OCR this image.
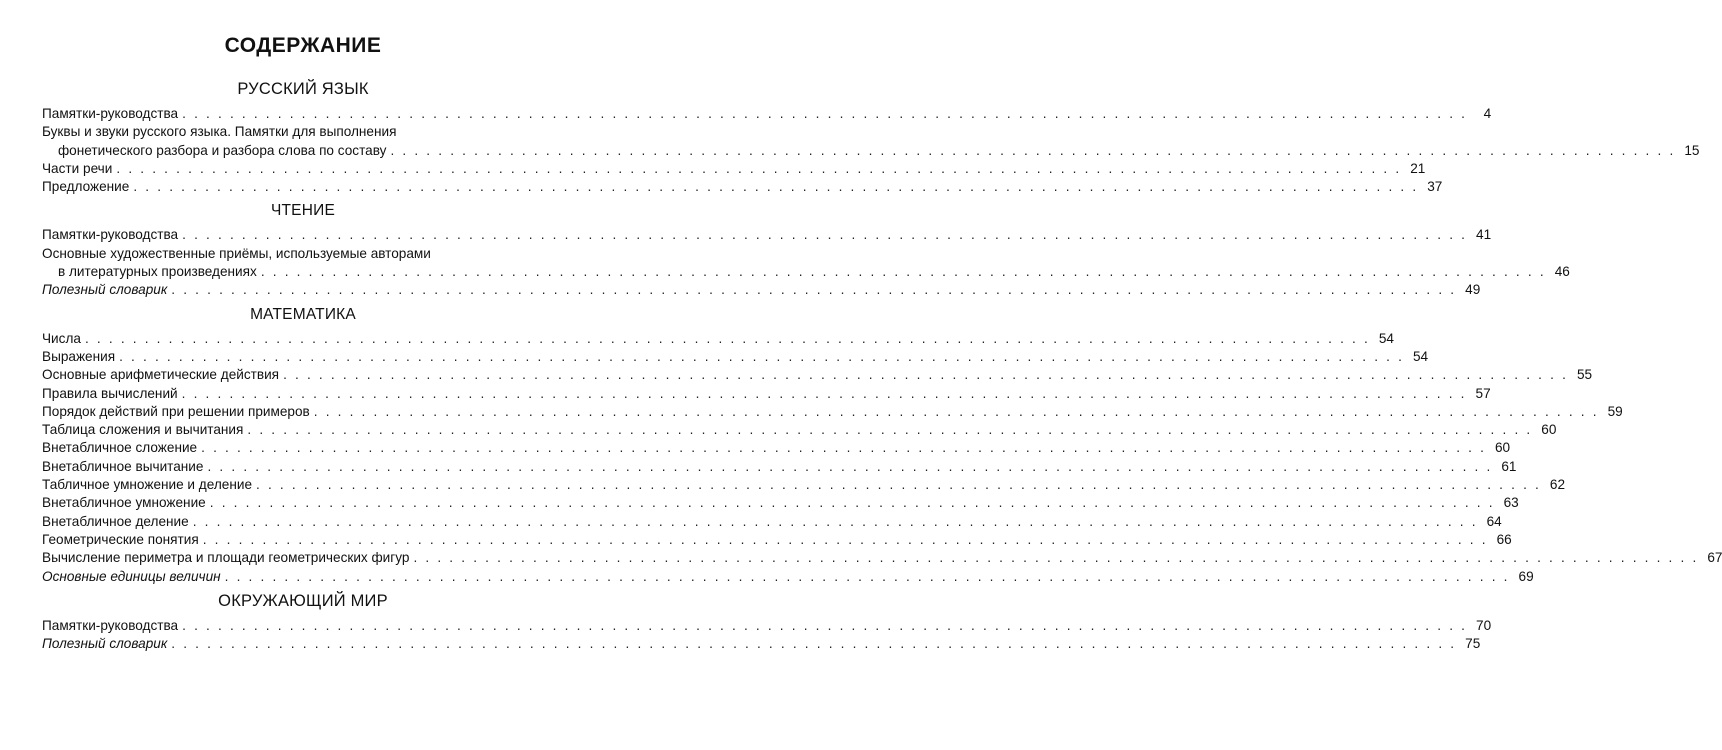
СОДЕРЖАНИЕ
РУССКИЙ ЯЗЫК
Памятки-руководства . . . . . . . . . . . . . . . . . . . . . . . . . . . . . . . . . . . . . . . . . . . . . . . . . . . . . . . . . . . . . . . . . . . . . . . . . . . . . . . . . . . . . . . . . . . . . . . . . . . . . . . . . . . .	4
Буквы и звуки русского языка. Памятки для выполнения
фонетического разбора и разбора слова по составу . . . . . . . . . . . . . . . . . . . . . . . . . . . . . . . . . . . . . . . . . . . . . . . . . . . . . . . . . . . . . . . . . . . . . . . . . . . . . . . . . . . . . . . . . . . . . . . . . . . . . . . . . . . . 15
Части речи . . . . . . . . . . . . . . . . . . . . . . . . . . . . . . . . . . . . . . . . . . . . . . . . . . . . . . . . . . . . . . . . . . . . . . . . . . . . . . . . . . . . . . . . . . . . . . . . . . . . . . . . . . . . 21
Предложение . . . . . . . . . . . . . . . . . . . . . . . . . . . . . . . . . . . . . . . . . . . . . . . . . . . . . . . . . . . . . . . . . . . . . . . . . . . . . . . . . . . . . . . . . . . . . . . . . . . . . . . . . . . . 37
ЧТЕНИЕ
Памятки-руководства . . . . . . . . . . . . . . . . . . . . . . . . . . . . . . . . . . . . . . . . . . . . . . . . . . . . . . . . . . . . . . . . . . . . . . . . . . . . . . . . . . . . . . . . . . . . . . . . . . . . . . . . . . . . 41
Основные художественные приёмы, используемые авторами
в литературных произведениях . . . . . . . . . . . . . . . . . . . . . . . . . . . . . . . . . . . . . . . . . . . . . . . . . . . . . . . . . . . . . . . . . . . . . . . . . . . . . . . . . . . . . . . . . . . . . . . . . . . . . . . . . . . . 46
Полезный словарик . . . . . . . . . . . . . . . . . . . . . . . . . . . . . . . . . . . . . . . . . . . . . . . . . . . . . . . . . . . . . . . . . . . . . . . . . . . . . . . . . . . . . . . . . . . . . . . . . . . . . . . . . . . . 49
МАТЕМАТИКА
Числа . . . . . . . . . . . . . . . . . . . . . . . . . . . . . . . . . . . . . . . . . . . . . . . . . . . . . . . . . . . . . . . . . . . . . . . . . . . . . . . . . . . . . . . . . . . . . . . . . . . . . . . . . . . . 54
Выражения . . . . . . . . . . . . . . . . . . . . . . . . . . . . . . . . . . . . . . . . . . . . . . . . . . . . . . . . . . . . . . . . . . . . . . . . . . . . . . . . . . . . . . . . . . . . . . . . . . . . . . . . . . . . 54
Основные арифметические действия . . . . . . . . . . . . . . . . . . . . . . . . . . . . . . . . . . . . . . . . . . . . . . . . . . . . . . . . . . . . . . . . . . . . . . . . . . . . . . . . . . . . . . . . . . . . . . . . . . . . . . . . . . . . 55
Правила вычислений . . . . . . . . . . . . . . . . . . . . . . . . . . . . . . . . . . . . . . . . . . . . . . . . . . . . . . . . . . . . . . . . . . . . . . . . . . . . . . . . . . . . . . . . . . . . . . . . . . . . . . . . . . . . 57
Порядок действий при решении примеров . . . . . . . . . . . . . . . . . . . . . . . . . . . . . . . . . . . . . . . . . . . . . . . . . . . . . . . . . . . . . . . . . . . . . . . . . . . . . . . . . . . . . . . . . . . . . . . . . . . . . . . . . . . . 59
Таблица сложения и вычитания . . . . . . . . . . . . . . . . . . . . . . . . . . . . . . . . . . . . . . . . . . . . . . . . . . . . . . . . . . . . . . . . . . . . . . . . . . . . . . . . . . . . . . . . . . . . . . . . . . . . . . . . . . . . 60
Внетабличное сложение . . . . . . . . . . . . . . . . . . . . . . . . . . . . . . . . . . . . . . . . . . . . . . . . . . . . . . . . . . . . . . . . . . . . . . . . . . . . . . . . . . . . . . . . . . . . . . . . . . . . . . . . . . . . 60
Внетабличное вычитание . . . . . . . . . . . . . . . . . . . . . . . . . . . . . . . . . . . . . . . . . . . . . . . . . . . . . . . . . . . . . . . . . . . . . . . . . . . . . . . . . . . . . . . . . . . . . . . . . . . . . . . . . . . . 61
Табличное умножение и деление . . . . . . . . . . . . . . . . . . . . . . . . . . . . . . . . . . . . . . . . . . . . . . . . . . . . . . . . . . . . . . . . . . . . . . . . . . . . . . . . . . . . . . . . . . . . . . . . . . . . . . . . . . . . 62
Внетабличное умножение . . . . . . . . . . . . . . . . . . . . . . . . . . . . . . . . . . . . . . . . . . . . . . . . . . . . . . . . . . . . . . . . . . . . . . . . . . . . . . . . . . . . . . . . . . . . . . . . . . . . . . . . . . . . 63
Внетабличное деление . . . . . . . . . . . . . . . . . . . . . . . . . . . . . . . . . . . . . . . . . . . . . . . . . . . . . . . . . . . . . . . . . . . . . . . . . . . . . . . . . . . . . . . . . . . . . . . . . . . . . . . . . . . . 64
Геометрические понятия . . . . . . . . . . . . . . . . . . . . . . . . . . . . . . . . . . . . . . . . . . . . . . . . . . . . . . . . . . . . . . . . . . . . . . . . . . . . . . . . . . . . . . . . . . . . . . . . . . . . . . . . . . . . 66
Вычисление периметра и площади геометрических фигур . . . . . . . . . . . . . . . . . . . . . . . . . . . . . . . . . . . . . . . . . . . . . . . . . . . . . . . . . . . . . . . . . . . . . . . . . . . . . . . . . . . . . . . . . . . . . . . . . . . . . . . . . . . . 67
Основные единицы величин . . . . . . . . . . . . . . . . . . . . . . . . . . . . . . . . . . . . . . . . . . . . . . . . . . . . . . . . . . . . . . . . . . . . . . . . . . . . . . . . . . . . . . . . . . . . . . . . . . . . . . . . . . . . 69
ОКРУЖАЮЩИЙ МИР
Памятки-руководства . . . . . . . . . . . . . . . . . . . . . . . . . . . . . . . . . . . . . . . . . . . . . . . . . . . . . . . . . . . . . . . . . . . . . . . . . . . . . . . . . . . . . . . . . . . . . . . . . . . . . . . . . . . . 70
Полезный словарик . . . . . . . . . . . . . . . . . . . . . . . . . . . . . . . . . . . . . . . . . . . . . . . . . . . . . . . . . . . . . . . . . . . . . . . . . . . . . . . . . . . . . . . . . . . . . . . . . . . . . . . . . . . . 75
